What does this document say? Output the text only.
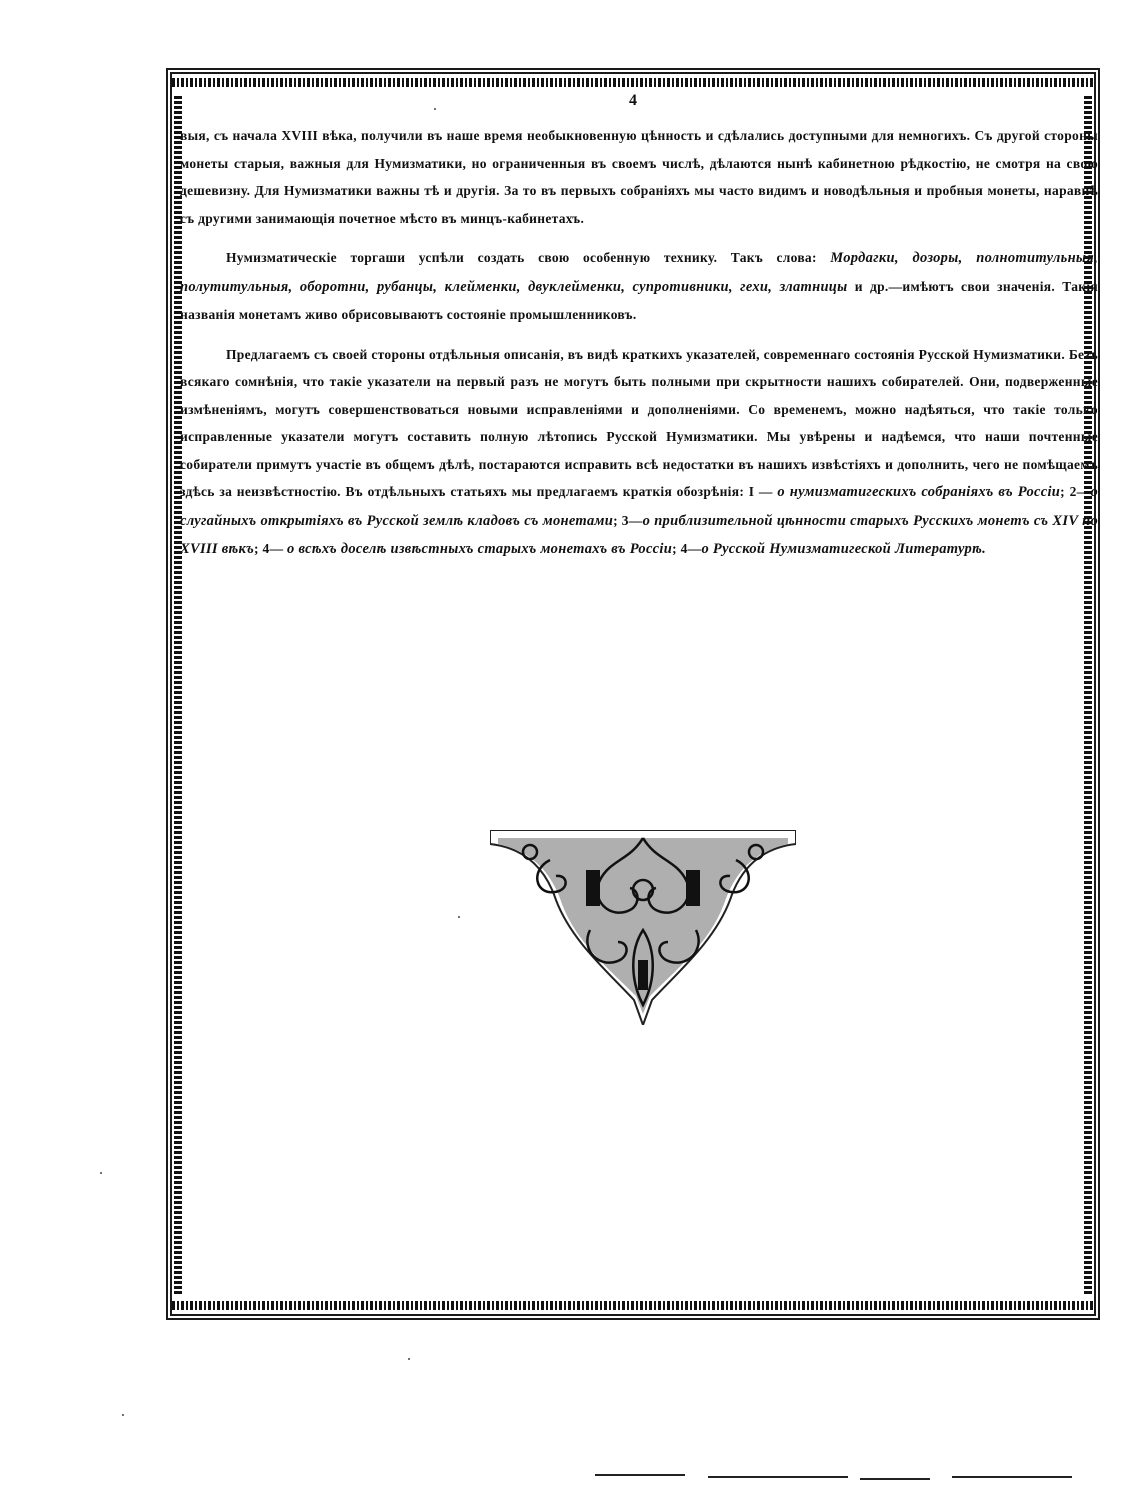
4

выя, съ начала XVIII вѣка, получили въ наше время необыкновенную цѣнность и сдѣлались доступными для немногихъ. Съ другой стороны монеты старыя, важныя для Нумизматики, но ограниченныя въ своемъ числѣ, дѣлаются нынѣ кабинетною рѣдкостію, не смотря на свою дешевизну. Для Нумизматики важны тѣ и другія. За то въ первыхъ собраніяхъ мы часто видимъ и новодѣльныя и пробныя монеты, наравнѣ съ другими занимающія почетное мѣсто въ минцъ-кабинетахъ.

Нумизматическіе торгаши успѣли создать свою особенную технику. Такъ слова: Мордагки, дозоры, полнотитульныя, полутитульныя, оборотни, рубанцы, клейменки, двуклейменки, супротивники, гехи, златницы и др.—имѣютъ свои значенія. Такія названія монетамъ живо обрисовываютъ состояніе промышленниковъ.

Предлагаемъ съ своей стороны отдѣльныя описанія, въ видѣ краткихъ указателей, современнаго состоянія Русской Нумизматики. Безъ всякаго сомнѣнія, что такіе указатели на первый разъ не могутъ быть полными при скрытности нашихъ собирателей. Они, подверженные измѣненіямъ, могутъ совершенствоваться новыми исправленіями и дополненіями. Со временемъ, можно надѣяться, что такіе только исправленные указатели могутъ составить полную лѣтопись Русской Нумизматики. Мы увѣрены и надѣемся, что наши почтенные собиратели примутъ участіе въ общемъ дѣлѣ, постараются исправить всѣ недостатки въ нашихъ извѣстіяхъ и дополнить, чего не помѣщаемъ здѣсь за неизвѣстностію. Въ отдѣльныхъ статьяхъ мы предлагаемъ краткія обозрѣнія: I — о нумизматигескихъ собраніяхъ въ Россіи; 2—о слугайныхъ открытіяхъ въ Русской землѣ кладовъ съ монетами; 3—о приблизительной цѣнности старыхъ Русскихъ монетъ съ XIV по XVIII вѣкъ; 4— о всѣхъ доселѣ извѣстныхъ старыхъ монетахъ въ Россіи; 4—о Русской Нумизматигеской Литературѣ.
